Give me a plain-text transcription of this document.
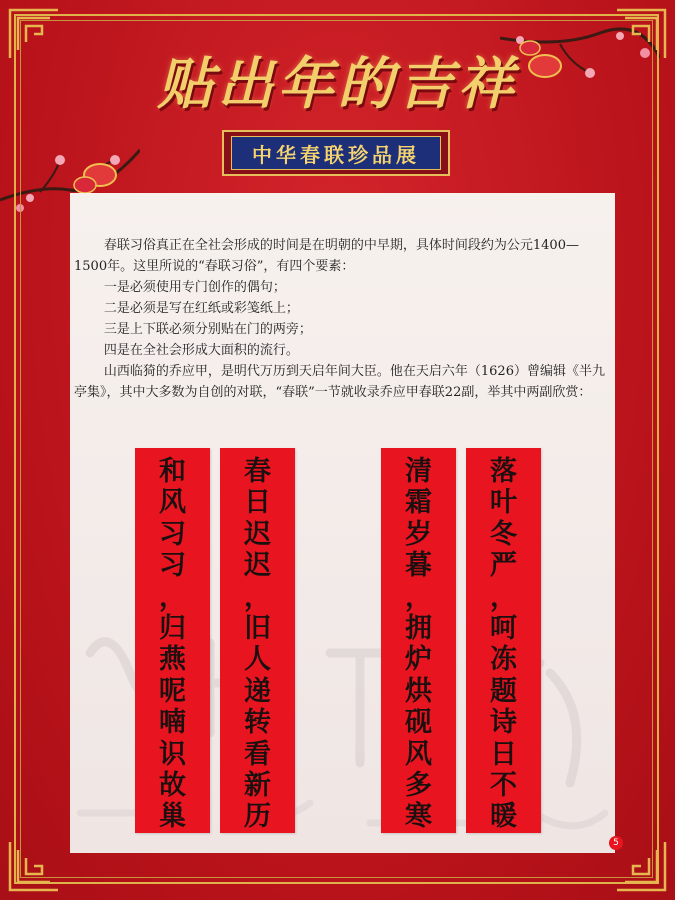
贴出年的吉祥
中华春联珍品展

春联习俗真正在全社会形成的时间是在明朝的中早期，具体时间段约为公元1400—1500年。这里所说的“春联习俗”，有四个要素：

一是必须使用专门创作的偶句；

二是必须是写在红纸或彩笺纸上；

三是上下联必须分别贴在门的两旁；

四是在全社会形成大面积的流行。

山西临猗的乔应甲，是明代万历到天启年间大臣。他在天启六年（1626）曾编辑《半九亭集》，其中大多数为自创的对联，“春联”一节就收录乔应甲春联22副，举其中两副欣赏：

和
风
习
习
，
归
燕
呢
喃
识
故
巢
春
日
迟
迟
，
旧
人
递
转
看
新
历
清
霜
岁
暮
，
拥
炉
烘
砚
风
多
寒
落
叶
冬
严
，
呵
冻
题
诗
日
不
暖
5
